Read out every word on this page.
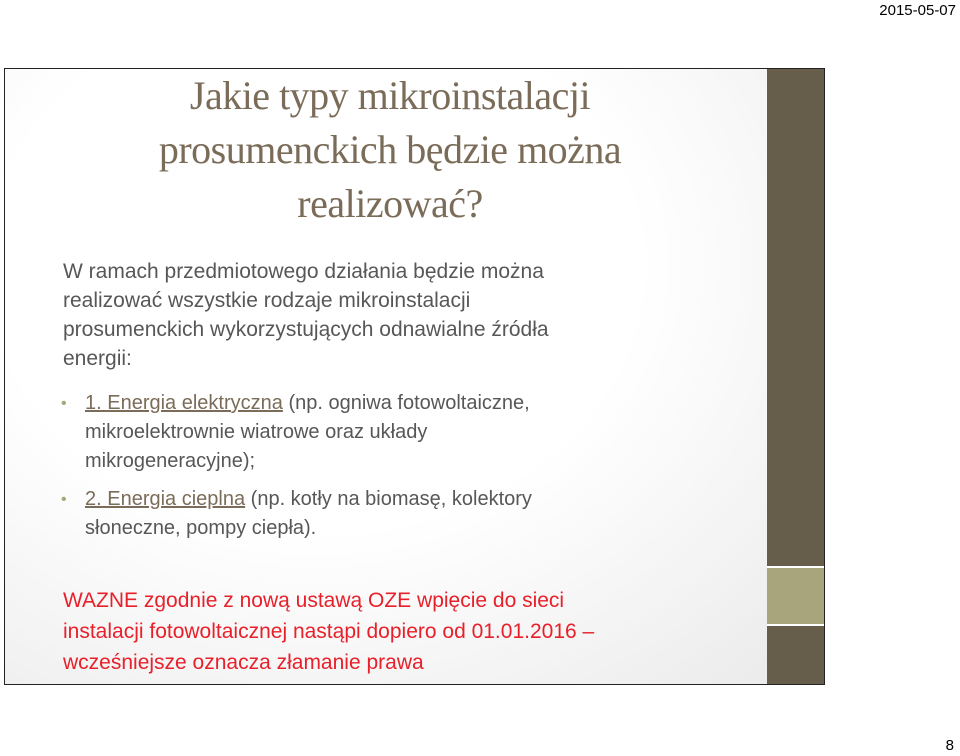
2015-05-07
Jakie typy mikroinstalacji
prosumenckich będzie można
realizować?
W ramach przedmiotowego działania będzie można
realizować wszystkie rodzaje mikroinstalacji
prosumenckich wykorzystujących odnawialne źródła
energii:
• 1. Energia elektryczna (np. ogniwa fotowoltaiczne,
mikroelektrownie wiatrowe oraz układy
mikrogeneracyjne);
• 2. Energia cieplna (np. kotły na biomasę, kolektory
słoneczne, pompy ciepła).
WAZNE zgodnie z nową ustawą OZE wpięcie do sieci
instalacji fotowoltaicznej nastąpi dopiero od 01.01.2016 –
wcześniejsze oznacza złamanie prawa
8
